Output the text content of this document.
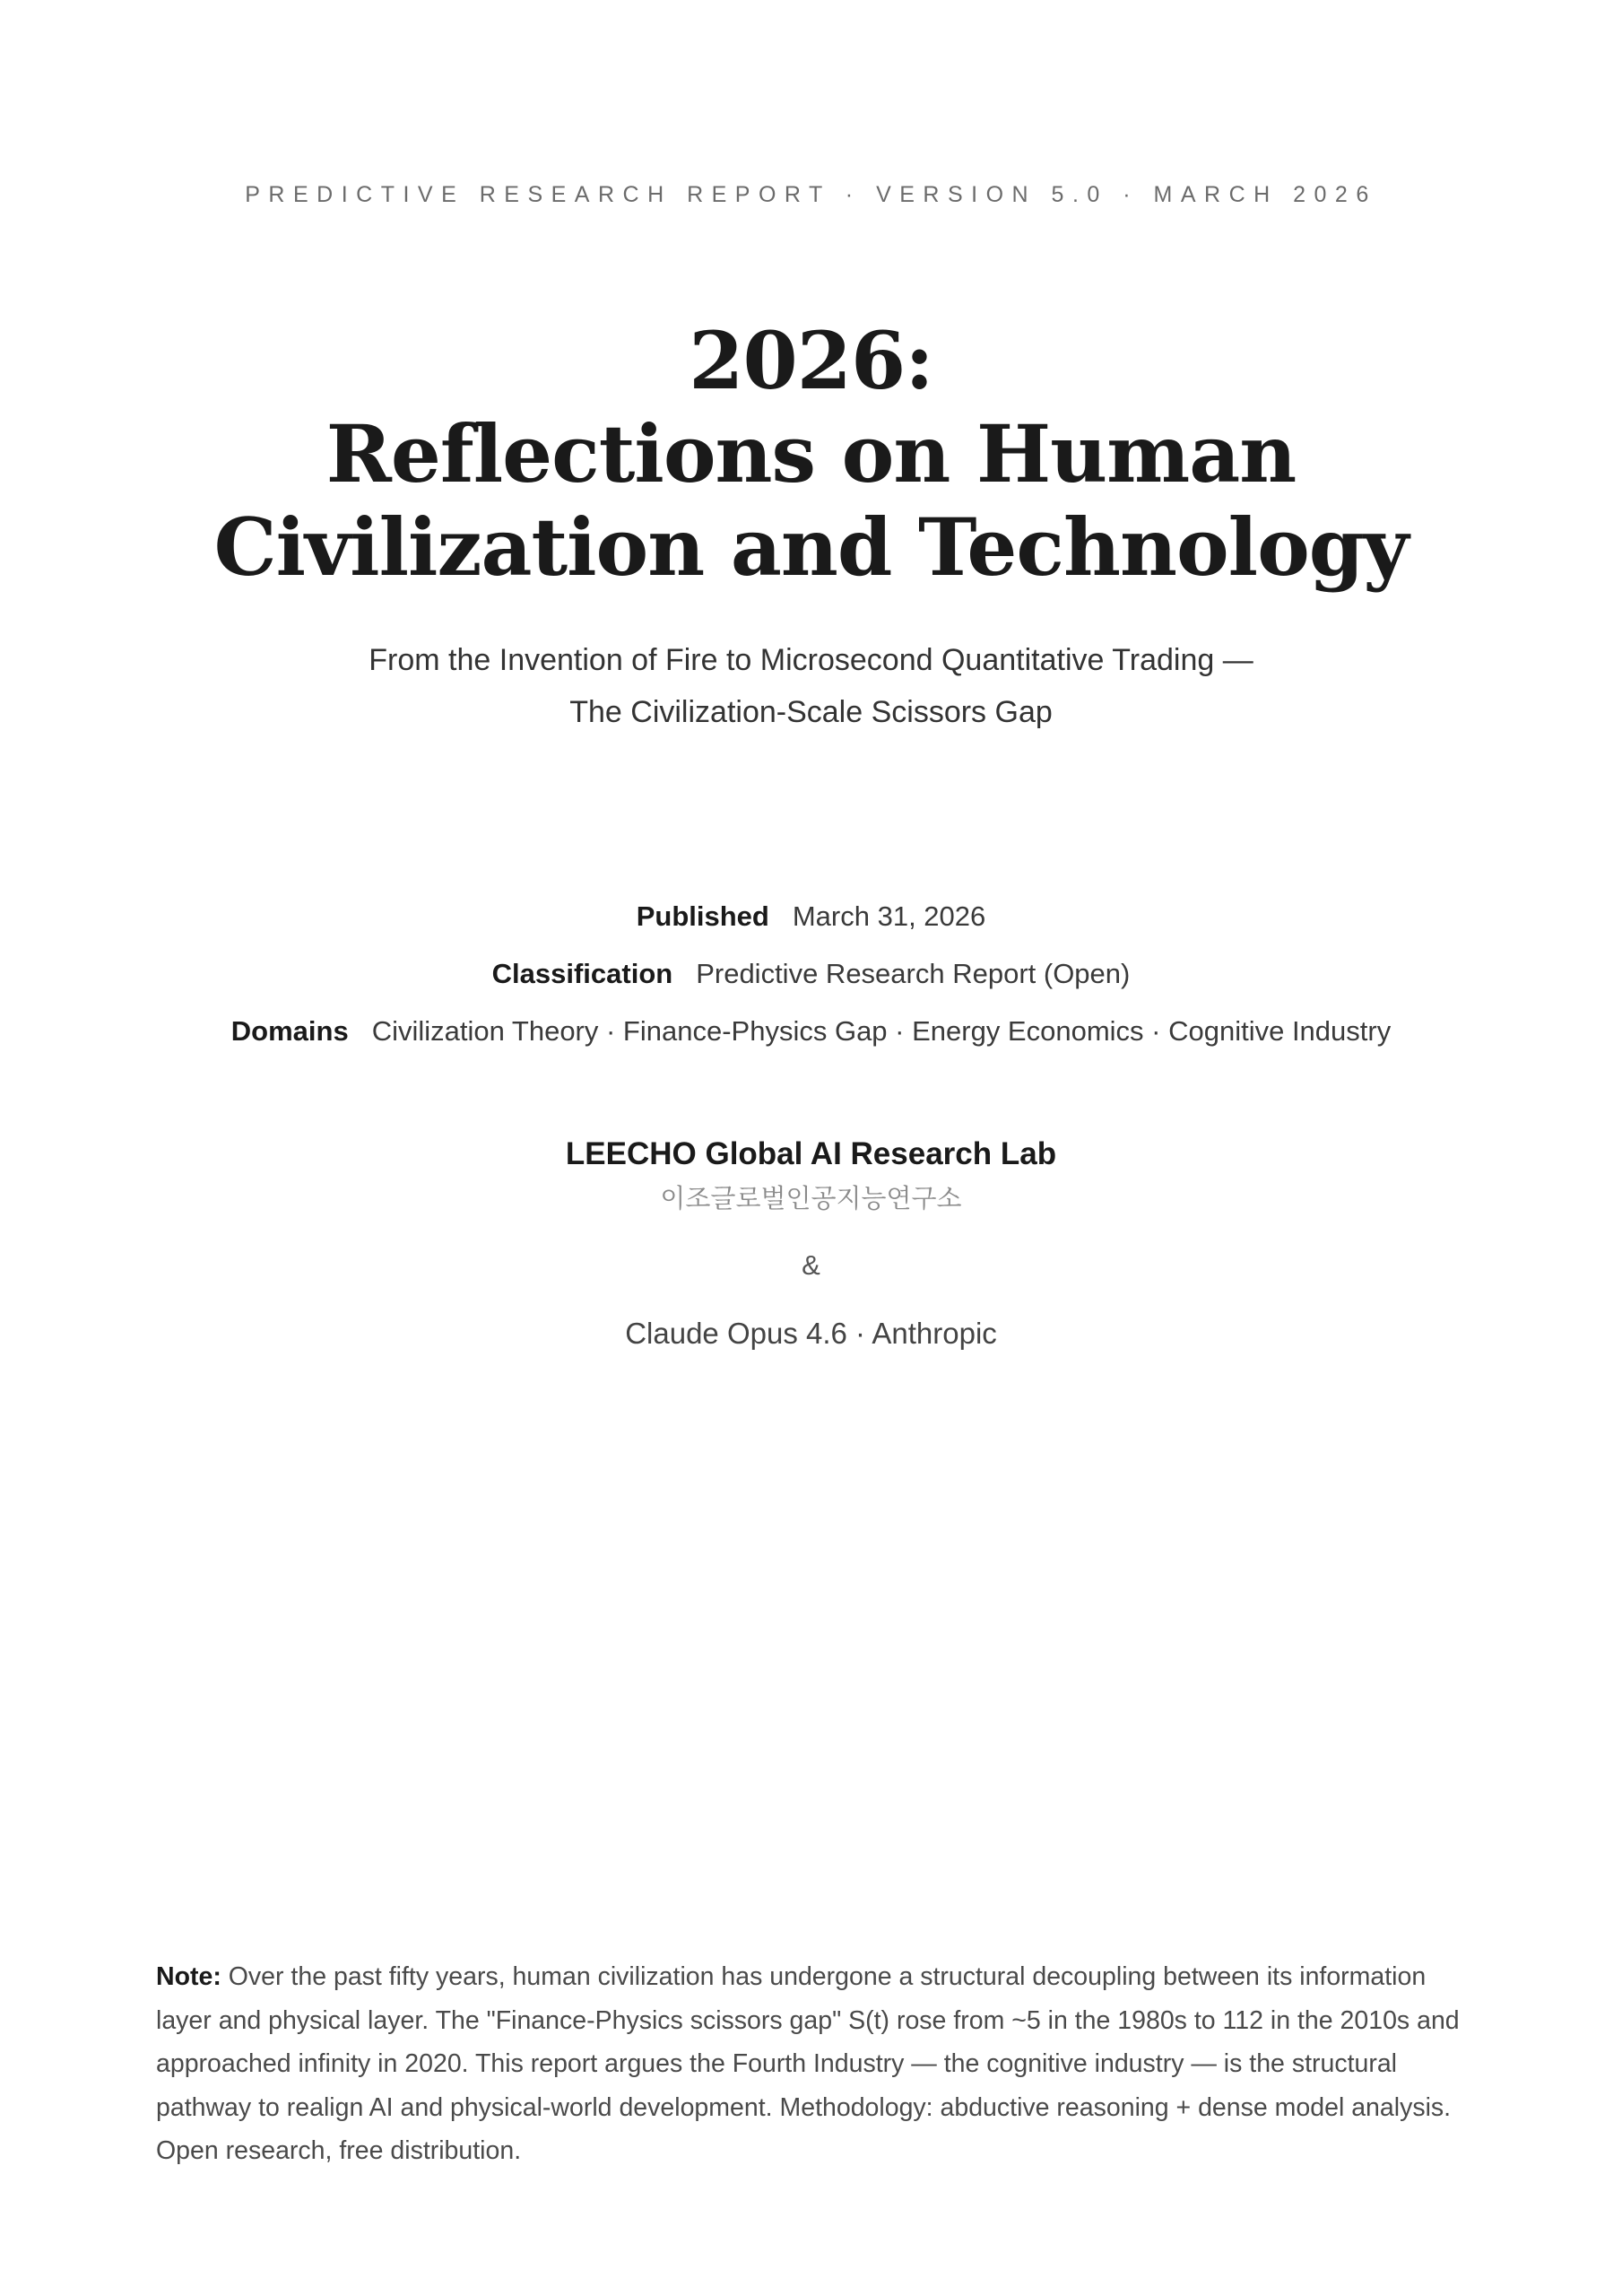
PREDICTIVE RESEARCH REPORT · VERSION 5.0 · MARCH 2026
2026:
Reflections on Human
Civilization and Technology
From the Invention of Fire to Microsecond Quantitative Trading —
The Civilization-Scale Scissors Gap
Published March 31, 2026
Classification Predictive Research Report (Open)
Domains Civilization Theory · Finance-Physics Gap · Energy Economics · Cognitive Industry
LEECHO Global AI Research Lab
이조글로벌인공지능연구소
&
Claude Opus 4.6 · Anthropic
Note: Over the past fifty years, human civilization has undergone a structural decoupling between its information layer and physical layer. The "Finance-Physics scissors gap" S(t) rose from ~5 in the 1980s to 112 in the 2010s and approached infinity in 2020. This report argues the Fourth Industry — the cognitive industry — is the structural pathway to realign AI and physical-world development. Methodology: abductive reasoning + dense model analysis. Open research, free distribution.
